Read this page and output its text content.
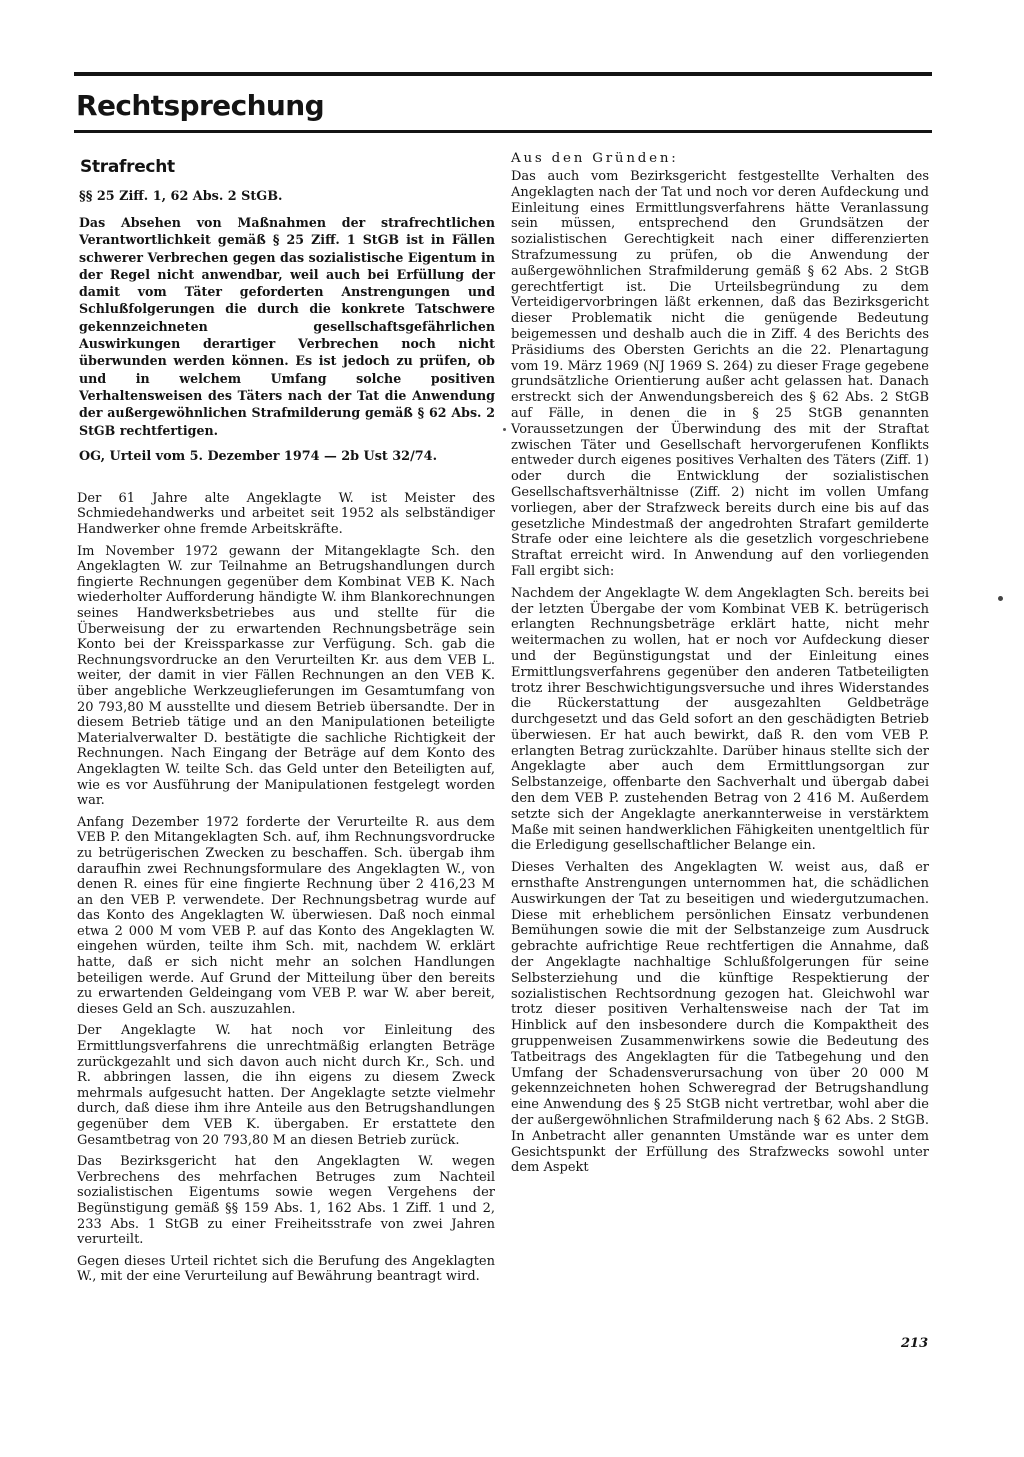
Rechtsprechung

Strafrecht

§§ 25 Ziff. 1, 62 Abs. 2 StGB.

Das Absehen von Maßnahmen der strafrechtlichen Verantwortlichkeit gemäß § 25 Ziff. 1 StGB ist in Fällen schwerer Verbrechen gegen das sozialistische Eigentum in der Regel nicht anwendbar, weil auch bei Erfüllung der damit vom Täter geforderten Anstrengungen und Schlußfolgerungen die durch die konkrete Tatschwere gekennzeichneten gesellschaftsgefährlichen Auswirkungen derartiger Verbrechen noch nicht überwunden werden können. Es ist jedoch zu prüfen, ob und in welchem Umfang solche positiven Verhaltensweisen des Täters nach der Tat die Anwendung der außergewöhnlichen Strafmilderung gemäß § 62 Abs. 2 StGB rechtfertigen.

OG, Urteil vom 5. Dezember 1974 — 2b Ust 32/74.

Der 61 Jahre alte Angeklagte W. ist Meister des Schmiedehandwerks und arbeitet seit 1952 als selbständiger Handwerker ohne fremde Arbeitskräfte.

Im November 1972 gewann der Mitangeklagte Sch. den Angeklagten W. zur Teilnahme an Betrugshandlungen durch fingierte Rechnungen gegenüber dem Kombinat VEB K. Nach wiederholter Aufforderung händigte W. ihm Blankorechnungen seines Handwerksbetriebes aus und stellte für die Überweisung der zu erwartenden Rechnungsbeträge sein Konto bei der Kreissparkasse zur Verfügung. Sch. gab die Rechnungsvordrucke an den Verurteilten Kr. aus dem VEB L. weiter, der damit in vier Fällen Rechnungen an den VEB K. über angebliche Werkzeuglieferungen im Gesamtumfang von 20 793,80 M ausstellte und diesem Betrieb übersandte. Der in diesem Betrieb tätige und an den Manipulationen beteiligte Materialverwalter D. bestätigte die sachliche Richtigkeit der Rechnungen. Nach Eingang der Beträge auf dem Konto des Angeklagten W. teilte Sch. das Geld unter den Beteiligten auf, wie es vor Ausführung der Manipulationen festgelegt worden war.

Anfang Dezember 1972 forderte der Verurteilte R. aus dem VEB P. den Mitangeklagten Sch. auf, ihm Rechnungsvordrucke zu betrügerischen Zwecken zu beschaffen. Sch. übergab ihm daraufhin zwei Rechnungsformulare des Angeklagten W., von denen R. eines für eine fingierte Rechnung über 2 416,23 M an den VEB P. verwendete. Der Rechnungsbetrag wurde auf das Konto des Angeklagten W. überwiesen. Daß noch einmal etwa 2 000 M vom VEB P. auf das Konto des Angeklagten W. eingehen würden, teilte ihm Sch. mit, nachdem W. erklärt hatte, daß er sich nicht mehr an solchen Handlungen beteiligen werde. Auf Grund der Mitteilung über den bereits zu erwartenden Geldeingang vom VEB P. war W. aber bereit, dieses Geld an Sch. auszuzahlen.

Der Angeklagte W. hat noch vor Einleitung des Ermittlungsverfahrens die unrechtmäßig erlangten Beträge zurückgezahlt und sich davon auch nicht durch Kr., Sch. und R. abbringen lassen, die ihn eigens zu diesem Zweck mehrmals aufgesucht hatten. Der Angeklagte setzte vielmehr durch, daß diese ihm ihre Anteile aus den Betrugshandlungen gegenüber dem VEB K. übergaben. Er erstattete den Gesamtbetrag von 20 793,80 M an diesen Betrieb zurück.

Das Bezirksgericht hat den Angeklagten W. wegen Verbrechens des mehrfachen Betruges zum Nachteil sozialistischen Eigentums sowie wegen Vergehens der Begünstigung gemäß §§ 159 Abs. 1, 162 Abs. 1 Ziff. 1 und 2, 233 Abs. 1 StGB zu einer Freiheitsstrafe von zwei Jahren verurteilt.

Gegen dieses Urteil richtet sich die Berufung des Angeklagten W., mit der eine Verurteilung auf Bewährung beantragt wird.

Aus den Gründen:

Das auch vom Bezirksgericht festgestellte Verhalten des Angeklagten nach der Tat und noch vor deren Aufdeckung und Einleitung eines Ermittlungsverfahrens hätte Veranlassung sein müssen, entsprechend den Grundsätzen der sozialistischen Gerechtigkeit nach einer differenzierten Strafzumessung zu prüfen, ob die Anwendung der außergewöhnlichen Strafmilderung gemäß § 62 Abs. 2 StGB gerechtfertigt ist. Die Urteilsbegründung zu dem Verteidigervorbringen läßt erkennen, daß das Bezirksgericht dieser Problematik nicht die genügende Bedeutung beigemessen und deshalb auch die in Ziff. 4 des Berichts des Präsidiums des Obersten Gerichts an die 22. Plenartagung vom 19. März 1969 (NJ 1969 S. 264) zu dieser Frage gegebene grundsätzliche Orientierung außer acht gelassen hat. Danach erstreckt sich der Anwendungsbereich des § 62 Abs. 2 StGB auf Fälle, in denen die in § 25 StGB genannten Voraussetzungen der Überwindung des mit der Straftat zwischen Täter und Gesellschaft hervorgerufenen Konflikts entweder durch eigenes positives Verhalten des Täters (Ziff. 1) oder durch die Entwicklung der sozialistischen Gesellschaftsverhältnisse (Ziff. 2) nicht im vollen Umfang vorliegen, aber der Strafzweck bereits durch eine bis auf das gesetzliche Mindestmaß der angedrohten Strafart gemilderte Strafe oder eine leichtere als die gesetzlich vorgeschriebene Straftat erreicht wird. In Anwendung auf den vorliegenden Fall ergibt sich:

Nachdem der Angeklagte W. dem Angeklagten Sch. bereits bei der letzten Übergabe der vom Kombinat VEB K. betrügerisch erlangten Rechnungsbeträge erklärt hatte, nicht mehr weitermachen zu wollen, hat er noch vor Aufdeckung dieser und der Begünstigungstat und der Einleitung eines Ermittlungsverfahrens gegenüber den anderen Tatbeteiligten trotz ihrer Beschwichtigungsversuche und ihres Widerstandes die Rückerstattung der ausgezahlten Geldbeträge durchgesetzt und das Geld sofort an den geschädigten Betrieb überwiesen. Er hat auch bewirkt, daß R. den vom VEB P. erlangten Betrag zurückzahlte. Darüber hinaus stellte sich der Angeklagte aber auch dem Ermittlungsorgan zur Selbstanzeige, offenbarte den Sachverhalt und übergab dabei den dem VEB P. zustehenden Betrag von 2 416 M. Außerdem setzte sich der Angeklagte anerkannterweise in verstärktem Maße mit seinen handwerklichen Fähigkeiten unentgeltlich für die Erledigung gesellschaftlicher Belange ein.

Dieses Verhalten des Angeklagten W. weist aus, daß er ernsthafte Anstrengungen unternommen hat, die schädlichen Auswirkungen der Tat zu beseitigen und wiedergutzumachen. Diese mit erheblichem persönlichen Einsatz verbundenen Bemühungen sowie die mit der Selbstanzeige zum Ausdruck gebrachte aufrichtige Reue rechtfertigen die Annahme, daß der Angeklagte nachhaltige Schlußfolgerungen für seine Selbsterziehung und die künftige Respektierung der sozialistischen Rechtsordnung gezogen hat. Gleichwohl war trotz dieser positiven Verhaltensweise nach der Tat im Hinblick auf den insbesondere durch die Kompaktheit des gruppenweisen Zusammenwirkens sowie die Bedeutung des Tatbeitrags des Angeklagten für die Tatbegehung und den Umfang der Schadensverursachung von über 20 000 M gekennzeichneten hohen Schweregrad der Betrugshandlung eine Anwendung des § 25 StGB nicht vertretbar, wohl aber die der außergewöhnlichen Strafmilderung nach § 62 Abs. 2 StGB. In Anbetracht aller genannten Umstände war es unter dem Gesichtspunkt der Erfüllung des Strafzwecks sowohl unter dem Aspekt

213
